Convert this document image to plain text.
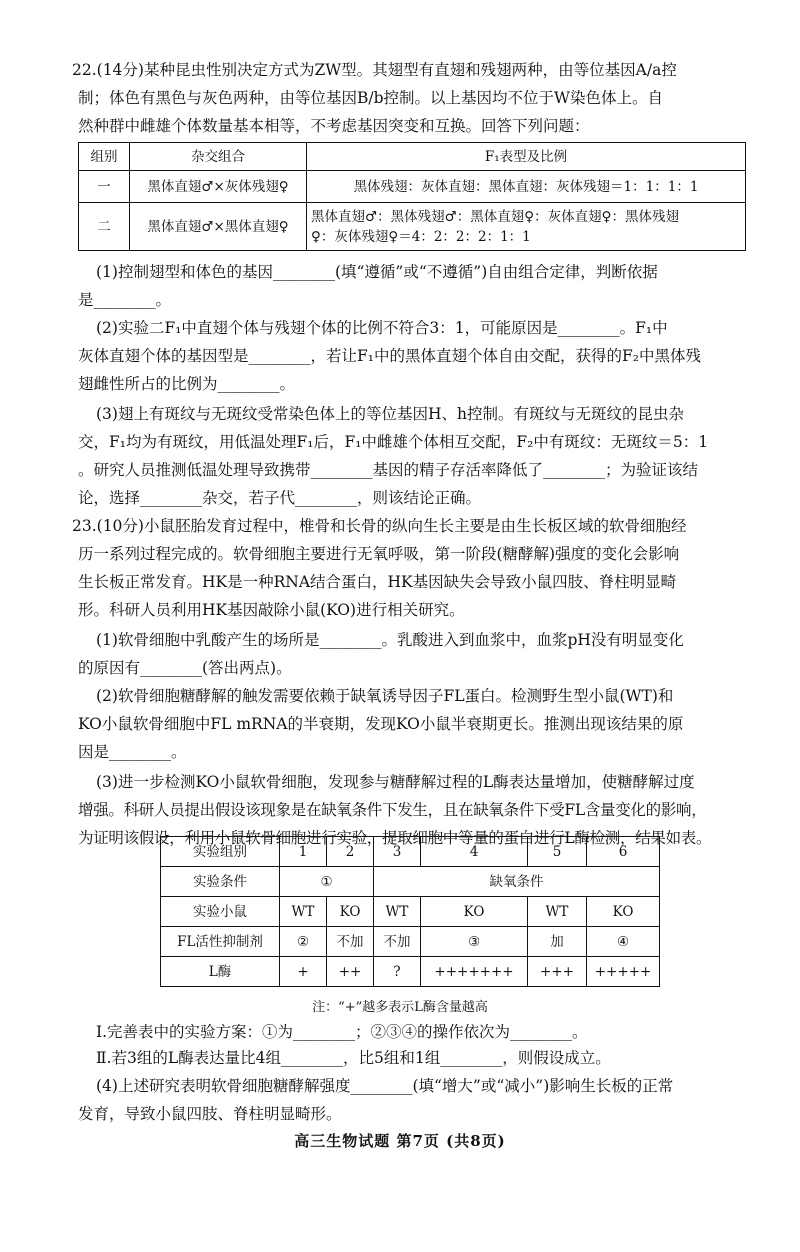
22.(14分)某种昆虫性别决定方式为ZW型。其翅型有直翅和残翅两种，由等位基因A/a控
制；体色有黑色与灰色两种，由等位基因B/b控制。以上基因均不位于W染色体上。自
然种群中雌雄个体数量基本相等，不考虑基因突变和互换。回答下列问题：
组别	杂交组合	F₁表型及比例
一	黑体直翅♂×灰体残翅♀	黑体残翅：灰体直翅：黑体直翅：灰体残翅＝1：1：1：1
二	黑体直翅♂×黑体直翅♀	黑体直翅♂：黑体残翅♂：黑体直翅♀：灰体直翅♀：黑体残翅
♀：灰体残翅♀＝4：2：2：2：1：1
(1)控制翅型和体色的基因________(填“遵循”或“不遵循”)自由组合定律，判断依据
是________。
(2)实验二F₁中直翅个体与残翅个体的比例不符合3：1，可能原因是________。F₁中
灰体直翅个体的基因型是________，若让F₁中的黑体直翅个体自由交配，获得的F₂中黑体残
翅雌性所占的比例为________。
(3)翅上有斑纹与无斑纹受常染色体上的等位基因H、h控制。有斑纹与无斑纹的昆虫杂
交，F₁均为有斑纹，用低温处理F₁后，F₁中雌雄个体相互交配，F₂中有斑纹：无斑纹＝5：1
。研究人员推测低温处理导致携带________基因的精子存活率降低了________；为验证该结
论，选择________杂交，若子代________，则该结论正确。
23.(10分)小鼠胚胎发育过程中，椎骨和长骨的纵向生长主要是由生长板区域的软骨细胞经
历一系列过程完成的。软骨细胞主要进行无氧呼吸，第一阶段(糖酵解)强度的变化会影响
生长板正常发育。HK是一种RNA结合蛋白，HK基因缺失会导致小鼠四肢、脊柱明显畸
形。科研人员利用HK基因敲除小鼠(KO)进行相关研究。
(1)软骨细胞中乳酸产生的场所是________。乳酸进入到血浆中，血浆pH没有明显变化
的原因有________(答出两点)。
(2)软骨细胞糖酵解的触发需要依赖于缺氧诱导因子FL蛋白。检测野生型小鼠(WT)和
KO小鼠软骨细胞中FL mRNA的半衰期，发现KO小鼠半衰期更长。推测出现该结果的原
因是________。
(3)进一步检测KO小鼠软骨细胞，发现参与糖酵解过程的L酶表达量增加，使糖酵解过度
增强。科研人员提出假设该现象是在缺氧条件下发生，且在缺氧条件下受FL含量变化的影响，
为证明该假设，利用小鼠软骨细胞进行实验，提取细胞中等量的蛋白进行L酶检测，结果如表。
实验组别	1	2	3	4	5	6
实验条件	①		缺氧条件			
实验小鼠	WT	KO	WT	KO	WT	KO
FL活性抑制剂	②	不加	不加	③	加	④
L酶	+	++	?	+++++++	+++	+++++
注：“+”越多表示L酶含量越高
Ⅰ.完善表中的实验方案：①为________；②③④的操作依次为________。
Ⅱ.若3组的L酶表达量比4组________，比5组和1组________，则假设成立。
(4)上述研究表明软骨细胞糖酵解强度________(填“增大”或“减小”)影响生长板的正常
发育，导致小鼠四肢、脊柱明显畸形。
高三生物试题 第7页 (共8页)
